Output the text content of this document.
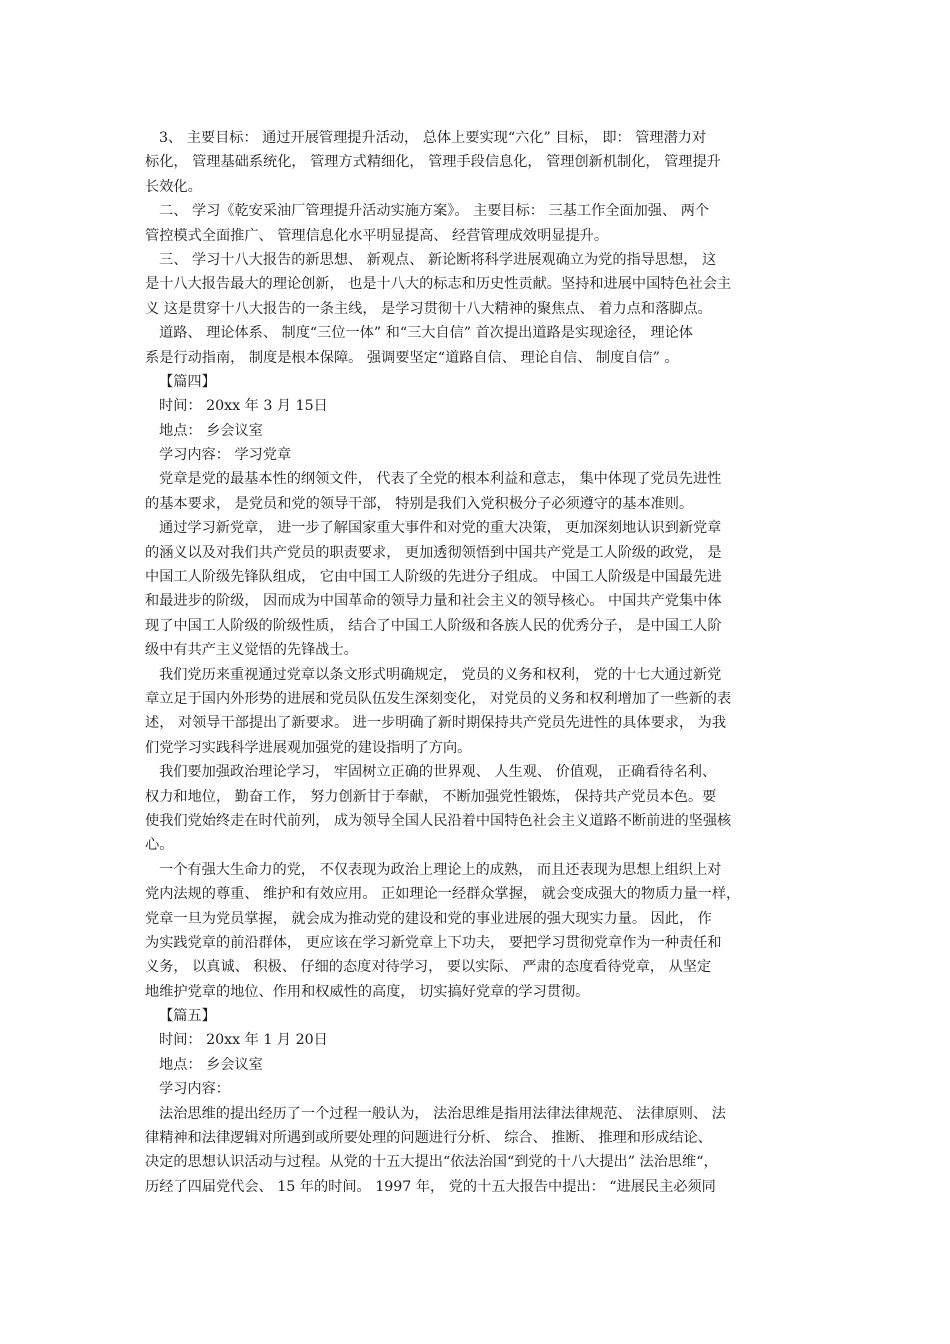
3、 主要目标： 通过开展管理提升活动， 总体上要实现“六化” 目标， 即： 管理潜力对
标化， 管理基础系统化， 管理方式精细化， 管理手段信息化， 管理创新机制化， 管理提升
长效化。
二、 学习《乾安采油厂管理提升活动实施方案》。 主要目标： 三基工作全面加强、 两个
管控模式全面推广、 管理信息化水平明显提高、 经营管理成效明显提升。
三、 学习十八大报告的新思想、 新观点、 新论断将科学进展观确立为党的指导思想， 这
是十八大报告最大的理论创新， 也是十八大的标志和历史性贡献。坚持和进展中国特色社会主
义 这是贯穿十八大报告的一条主线， 是学习贯彻十八大精神的聚焦点、 着力点和落脚点。
道路、 理论体系、 制度“三位一体” 和“三大自信” 首次提出道路是实现途径， 理论体
系是行动指南， 制度是根本保障。 强调要坚定“道路自信、 理论自信、 制度自信” 。
【篇四】
时间： 20xx 年 3 月 15日
地点： 乡会议室
学习内容： 学习党章
党章是党的最基本性的纲领文件， 代表了全党的根本利益和意志， 集中体现了党员先进性
的基本要求， 是党员和党的领导干部， 特别是我们入党积极分子必须遵守的基本准则。
通过学习新党章， 进一步了解国家重大事件和对党的重大决策， 更加深刻地认识到新党章
的涵义以及对我们共产党员的职责要求， 更加透彻领悟到中国共产党是工人阶级的政党， 是
中国工人阶级先锋队组成， 它由中国工人阶级的先进分子组成。 中国工人阶级是中国最先进
和最进步的阶级， 因而成为中国革命的领导力量和社会主义的领导核心。 中国共产党集中体
现了中国工人阶级的阶级性质， 结合了中国工人阶级和各族人民的优秀分子， 是中国工人阶
级中有共产主义觉悟的先锋战士。
我们党历来重视通过党章以条文形式明确规定， 党员的义务和权利， 党的十七大通过新党
章立足于国内外形势的进展和党员队伍发生深刻变化， 对党员的义务和权利增加了一些新的表
述， 对领导干部提出了新要求。 进一步明确了新时期保持共产党员先进性的具体要求， 为我
们党学习实践科学进展观加强党的建设指明了方向。
我们要加强政治理论学习， 牢固树立正确的世界观、 人生观、 价值观， 正确看待名利、
权力和地位， 勤奋工作， 努力创新甘于奉献， 不断加强党性锻炼， 保持共产党员本色。要
使我们党始终走在时代前列， 成为领导全国人民沿着中国特色社会主义道路不断前进的坚强核
心。
一个有强大生命力的党， 不仅表现为政治上理论上的成熟， 而且还表现为思想上组织上对
党内法规的尊重、 维护和有效应用。 正如理论一经群众掌握， 就会变成强大的物质力量一样，
党章一旦为党员掌握， 就会成为推动党的建设和党的事业进展的强大现实力量。 因此， 作
为实践党章的前沿群体， 更应该在学习新党章上下功夫， 要把学习贯彻党章作为一种责任和
义务， 以真诚、 积极、 仔细的态度对待学习， 要以实际、 严肃的态度看待党章， 从坚定
地维护党章的地位、作用和权威性的高度， 切实搞好党章的学习贯彻。
【篇五】
时间： 20xx 年 1 月 20日
地点： 乡会议室
学习内容：
法治思维的提出经历了一个过程一般认为， 法治思维是指用法律法律规范、 法律原则、 法
律精神和法律逻辑对所遇到或所要处理的问题进行分析、 综合、 推断、 推理和形成结论、
决定的思想认识活动与过程。从党的十五大提出“依法治国“到党的十八大提出” 法治思维“，
历经了四届党代会、 15 年的时间。 1997 年， 党的十五大报告中提出： “进展民主必须同
